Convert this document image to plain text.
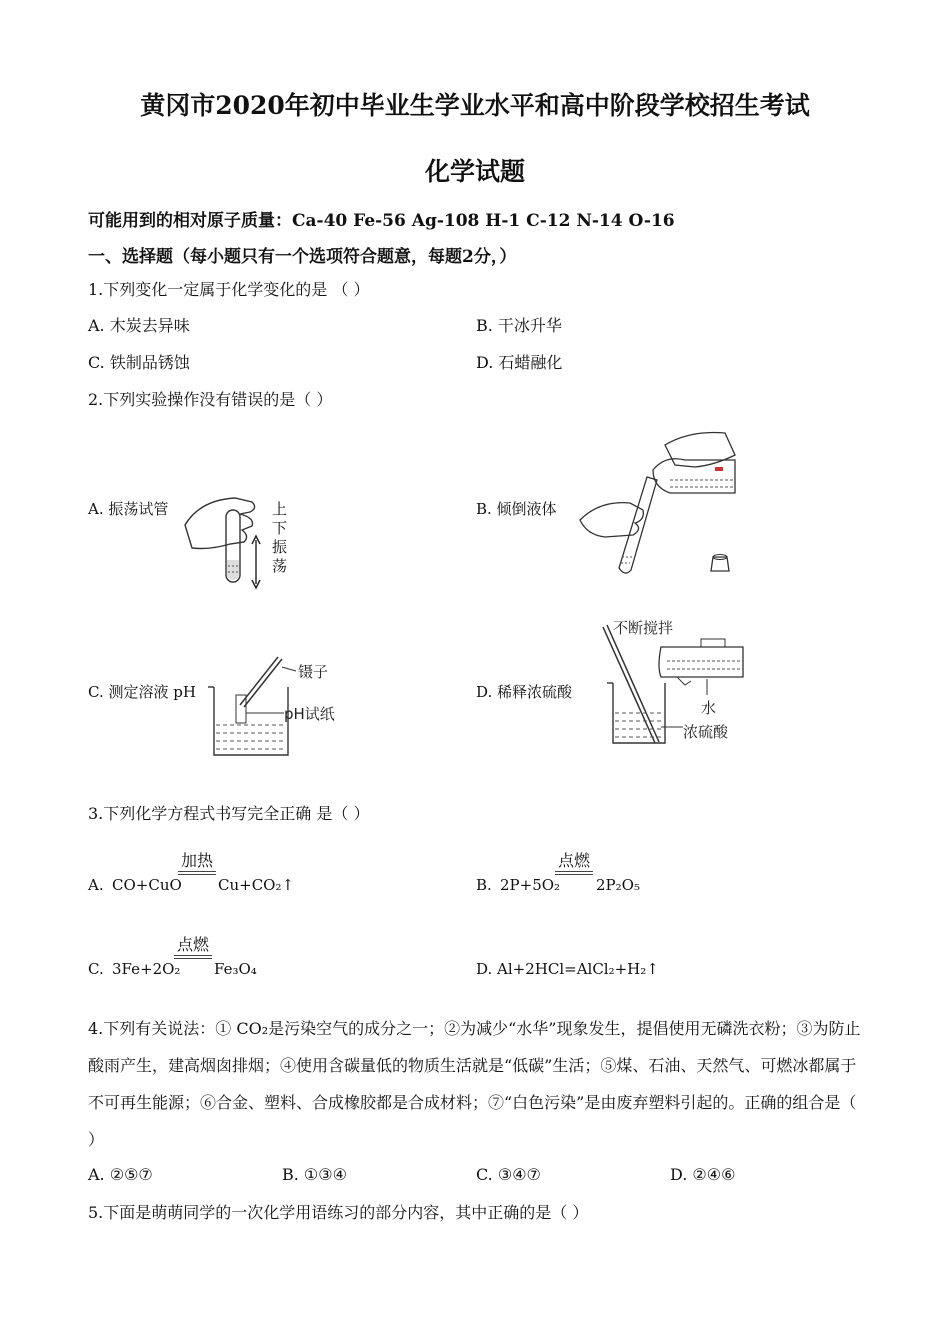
黄冈市2020年初中毕业生学业水平和高中阶段学校招生考试
化学试题
可能用到的相对原子质量：Ca-40 Fe-56 Ag-108 H-1 C-12 N-14 O-16
一、选择题（每小题只有一个选项符合题意，每题2分，）
1.下列变化一定属于化学变化的是 （ ）
A. 木炭去异味	B. 干冰升华
C. 铁制品锈蚀	D. 石蜡融化
2.下列实验操作没有错误的是（ ）
A. 振荡试管	B. 倾倒液体
C. 测定溶液 pH	D. 稀释浓硫酸
上下振荡
镊子
pH试纸
不断搅拌
水
浓硫酸
3.下列化学方程式书写完全正确 是（ ）
A. CO+CuO
加热
Cu+CO₂↑	B. 2P+5O₂
点燃
2P₂O₅
C. 3Fe+2O₂
点燃
Fe₃O₄	D. Al+2HCl=AlCl₂+H₂↑
4.下列有关说法：① CO₂是污染空气的成分之一；②为减少“水华”现象发生，提倡使用无磷洗衣粉；③为防止酸雨产生，建高烟囱排烟；④使用含碳量低的物质生活就是“低碳”生活；⑤煤、石油、天然气、可燃冰都属于不可再生能源；⑥合金、塑料、合成橡胶都是合成材料；⑦“白色污染”是由废弃塑料引起的。正确的组合是（ ）
A. ②⑤⑦	B. ①③④	C. ③④⑦	D. ②④⑥
5.下面是萌萌同学的一次化学用语练习的部分内容，其中正确的是（ ）
